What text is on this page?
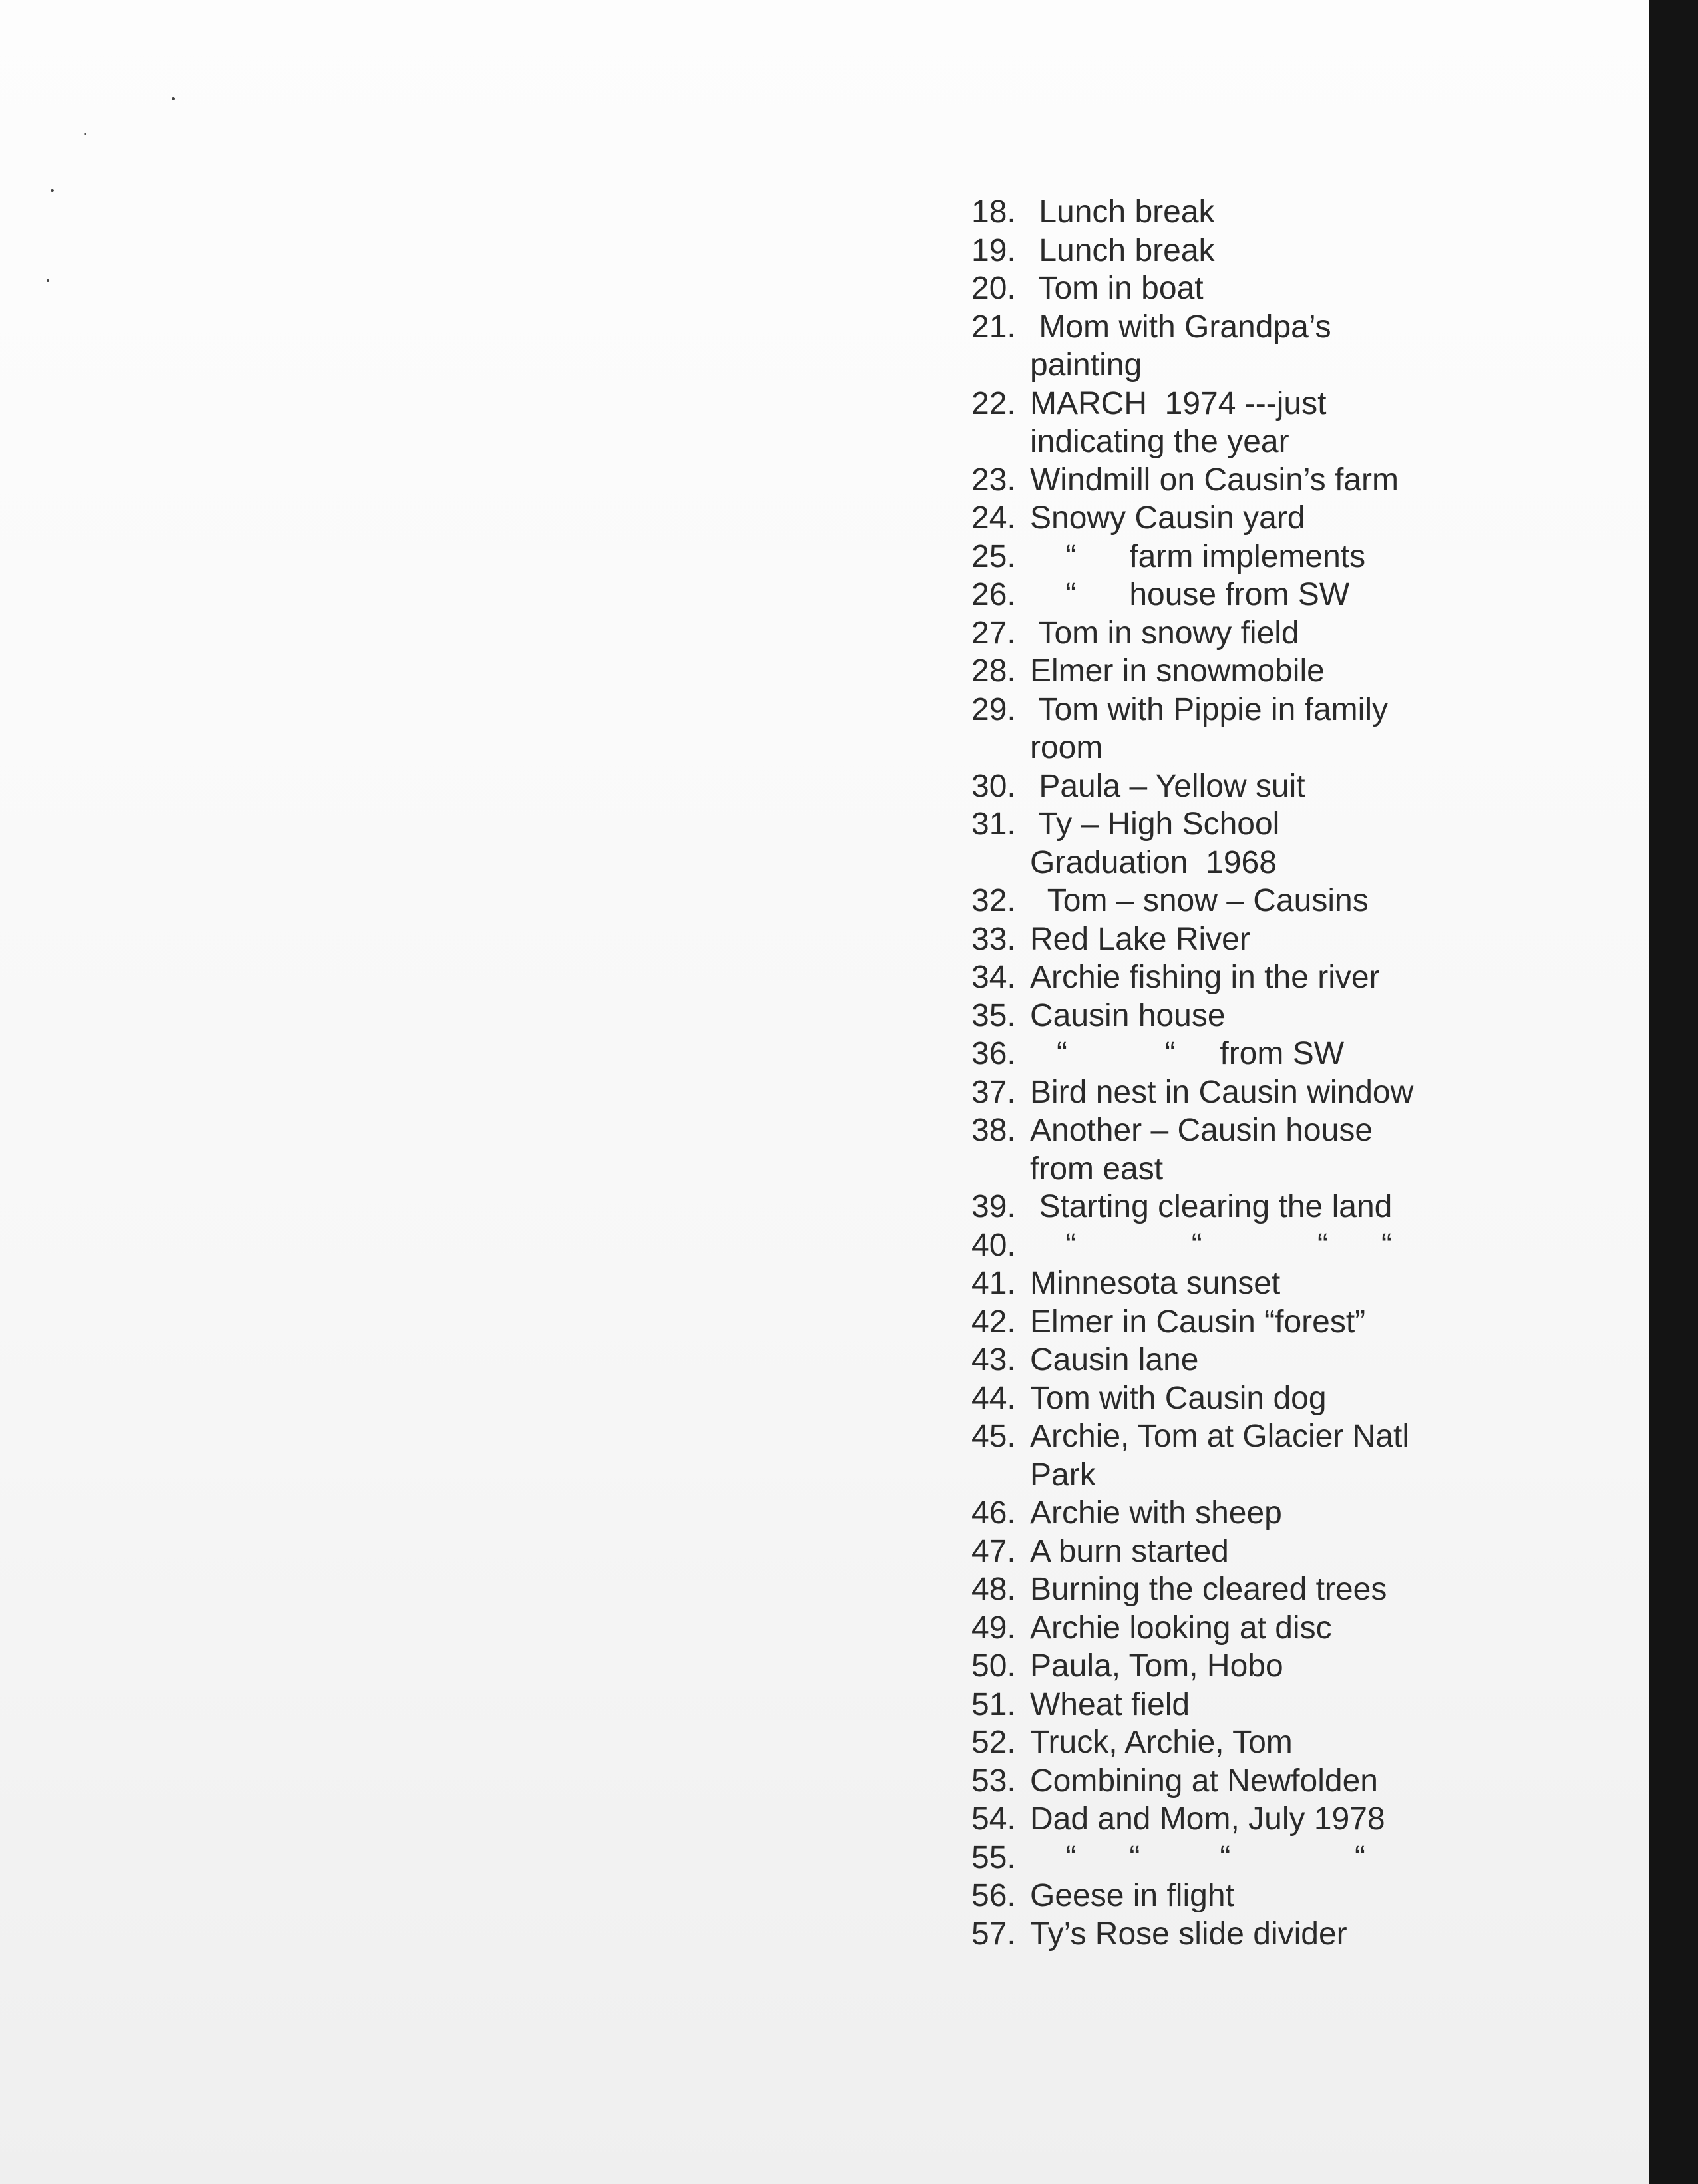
18. Lunch break
19. Lunch break
20. Tom in boat
21. Mom with Grandpa’s
painting
22. MARCH  1974 ---just
indicating the year
23. Windmill on Causin’s farm
24. Snowy Causin yard
25. “      farm implements
26. “      house from SW
27. Tom in snowy field
28. Elmer in snowmobile
29. Tom with Pippie in family
room
30. Paula – Yellow suit
31. Ty – High School
Graduation  1968
32. Tom – snow – Causins
33. Red Lake River
34. Archie fishing in the river
35. Causin house
36. “           “     from SW
37. Bird nest in Causin window
38. Another – Causin house
from east
39. Starting clearing the land
40. “             “             “      “
41. Minnesota sunset
42. Elmer in Causin “forest”
43. Causin lane
44. Tom with Causin dog
45. Archie, Tom at Glacier Natl
Park
46. Archie with sheep
47. A burn started
48. Burning the cleared trees
49. Archie looking at disc
50. Paula, Tom, Hobo
51. Wheat field
52. Truck, Archie, Tom
53. Combining at Newfolden
54. Dad and Mom, July 1978
55. “      “         “              “
56. Geese in flight
57. Ty’s Rose slide divider
